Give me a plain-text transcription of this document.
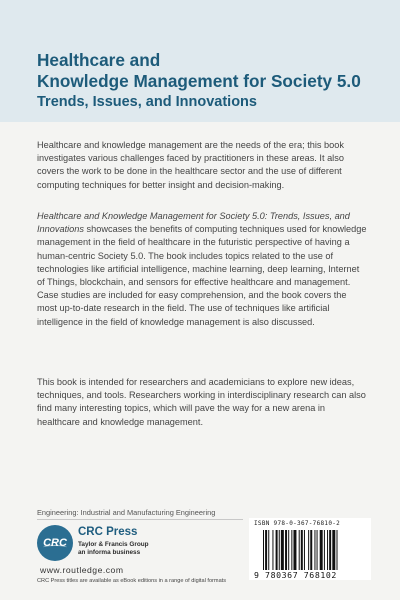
Healthcare and
Knowledge Management for Society 5.0
Trends, Issues, and Innovations

Healthcare and knowledge management are the needs of the era; this book investigates various challenges faced by practitioners in these areas. It also covers the work to be done in the healthcare sector and the use of different computing techniques for better insight and decision-making.

Healthcare and Knowledge Management for Society 5.0: Trends, Issues, and Innovations showcases the benefits of computing techniques used for knowledge management in the field of healthcare in the futuristic perspective of having a human-centric Society 5.0. The book includes topics related to the use of technologies like artificial intelligence, machine learning, deep learning, Internet of Things, blockchain, and sensors for effective healthcare and management. Case studies are included for easy comprehension, and the book covers the most up-to-date research in the field. The use of techniques like artificial intelligence in the field of knowledge management is also discussed.

This book is intended for researchers and academicians to explore new ideas, techniques, and tools. Researchers working in interdisciplinary research can also find many interesting topics, which will pave the way for a new arena in healthcare and knowledge management.

Engineering: Industrial and Manufacturing Engineering
CRC
CRC Press
Taylor & Francis Group
an informa business
www.routledge.com
CRC Press titles are available as eBook editions in a range of digital formats
ISBN 978-0-367-76810-2
9 780367 768102
